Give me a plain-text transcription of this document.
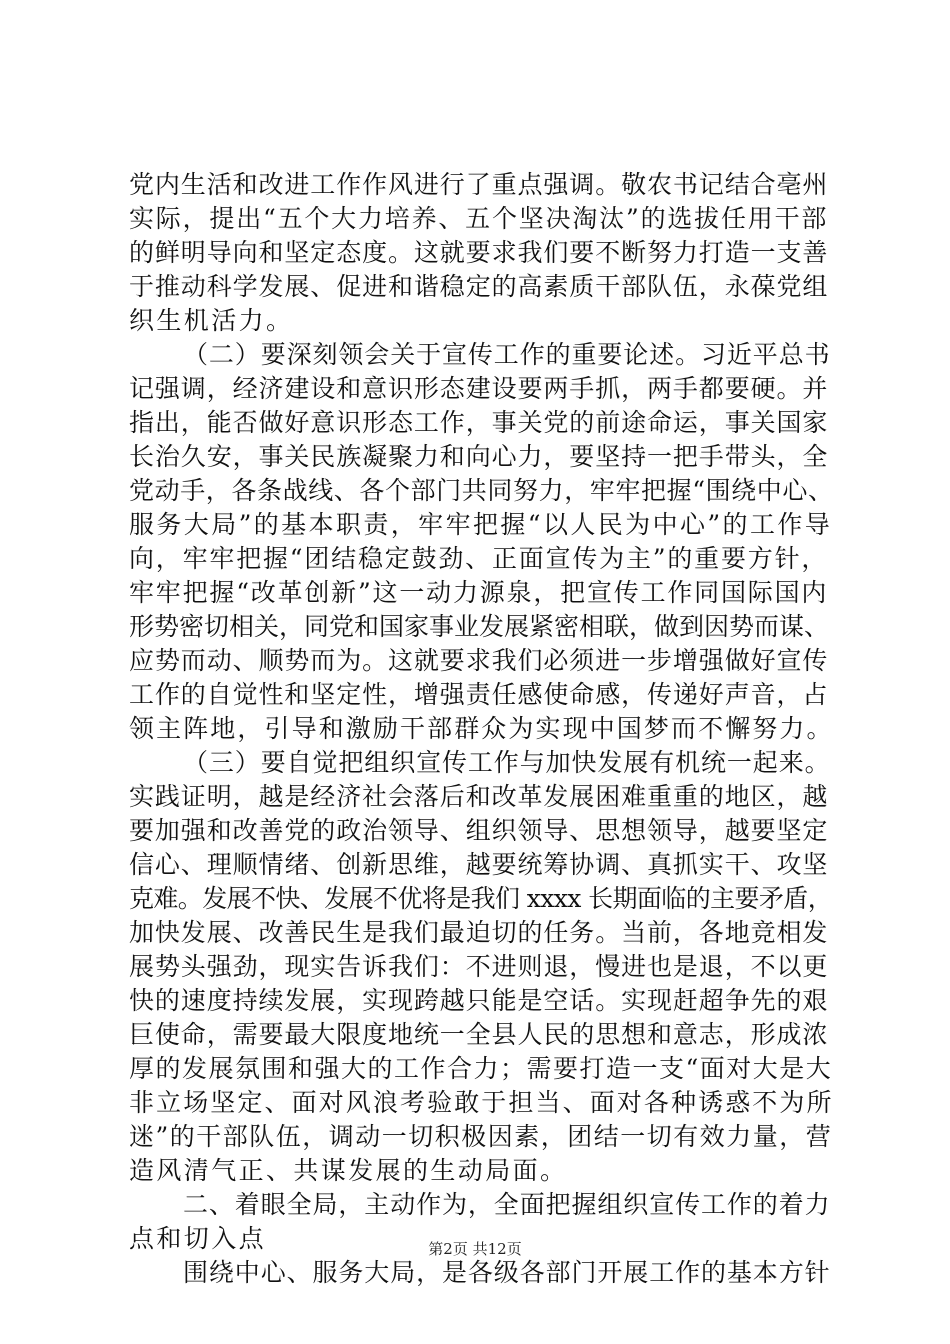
党内生活和改进工作作风进行了重点强调。敬农书记结合亳州
实际，提出“五个大力培养、五个坚决淘汰”的选拔任用干部
的鲜明导向和坚定态度。这就要求我们要不断努力打造一支善
于推动科学发展、促进和谐稳定的高素质干部队伍，永葆党组
织生机活力。
（二）要深刻领会关于宣传工作的重要论述。习近平总书
记强调，经济建设和意识形态建设要两手抓，两手都要硬。并
指出，能否做好意识形态工作，事关党的前途命运，事关国家
长治久安，事关民族凝聚力和向心力，要坚持一把手带头，全
党动手，各条战线、各个部门共同努力，牢牢把握“围绕中心、
服务大局”的基本职责，牢牢把握“以人民为中心”的工作导
向，牢牢把握“团结稳定鼓劲、正面宣传为主”的重要方针，
牢牢把握“改革创新”这一动力源泉，把宣传工作同国际国内
形势密切相关，同党和国家事业发展紧密相联，做到因势而谋、
应势而动、顺势而为。这就要求我们必须进一步增强做好宣传
工作的自觉性和坚定性，增强责任感使命感，传递好声音，占
领主阵地，引导和激励干部群众为实现中国梦而不懈努力。
（三）要自觉把组织宣传工作与加快发展有机统一起来。
实践证明，越是经济社会落后和改革发展困难重重的地区，越
要加强和改善党的政治领导、组织领导、思想领导，越要坚定
信心、理顺情绪、创新思维，越要统筹协调、真抓实干、攻坚
克难。发展不快、发展不优将是我们 xxxx 长期面临的主要矛盾，
加快发展、改善民生是我们最迫切的任务。当前，各地竞相发
展势头强劲，现实告诉我们：不进则退，慢进也是退，不以更
快的速度持续发展，实现跨越只能是空话。实现赶超争先的艰
巨使命，需要最大限度地统一全县人民的思想和意志，形成浓
厚的发展氛围和强大的工作合力；需要打造一支“面对大是大
非立场坚定、面对风浪考验敢于担当、面对各种诱惑不为所
迷”的干部队伍，调动一切积极因素，团结一切有效力量，营
造风清气正、共谋发展的生动局面。
二、着眼全局，主动作为，全面把握组织宣传工作的着力
点和切入点
围绕中心、服务大局，是各级各部门开展工作的基本方针
第2页 共12页
